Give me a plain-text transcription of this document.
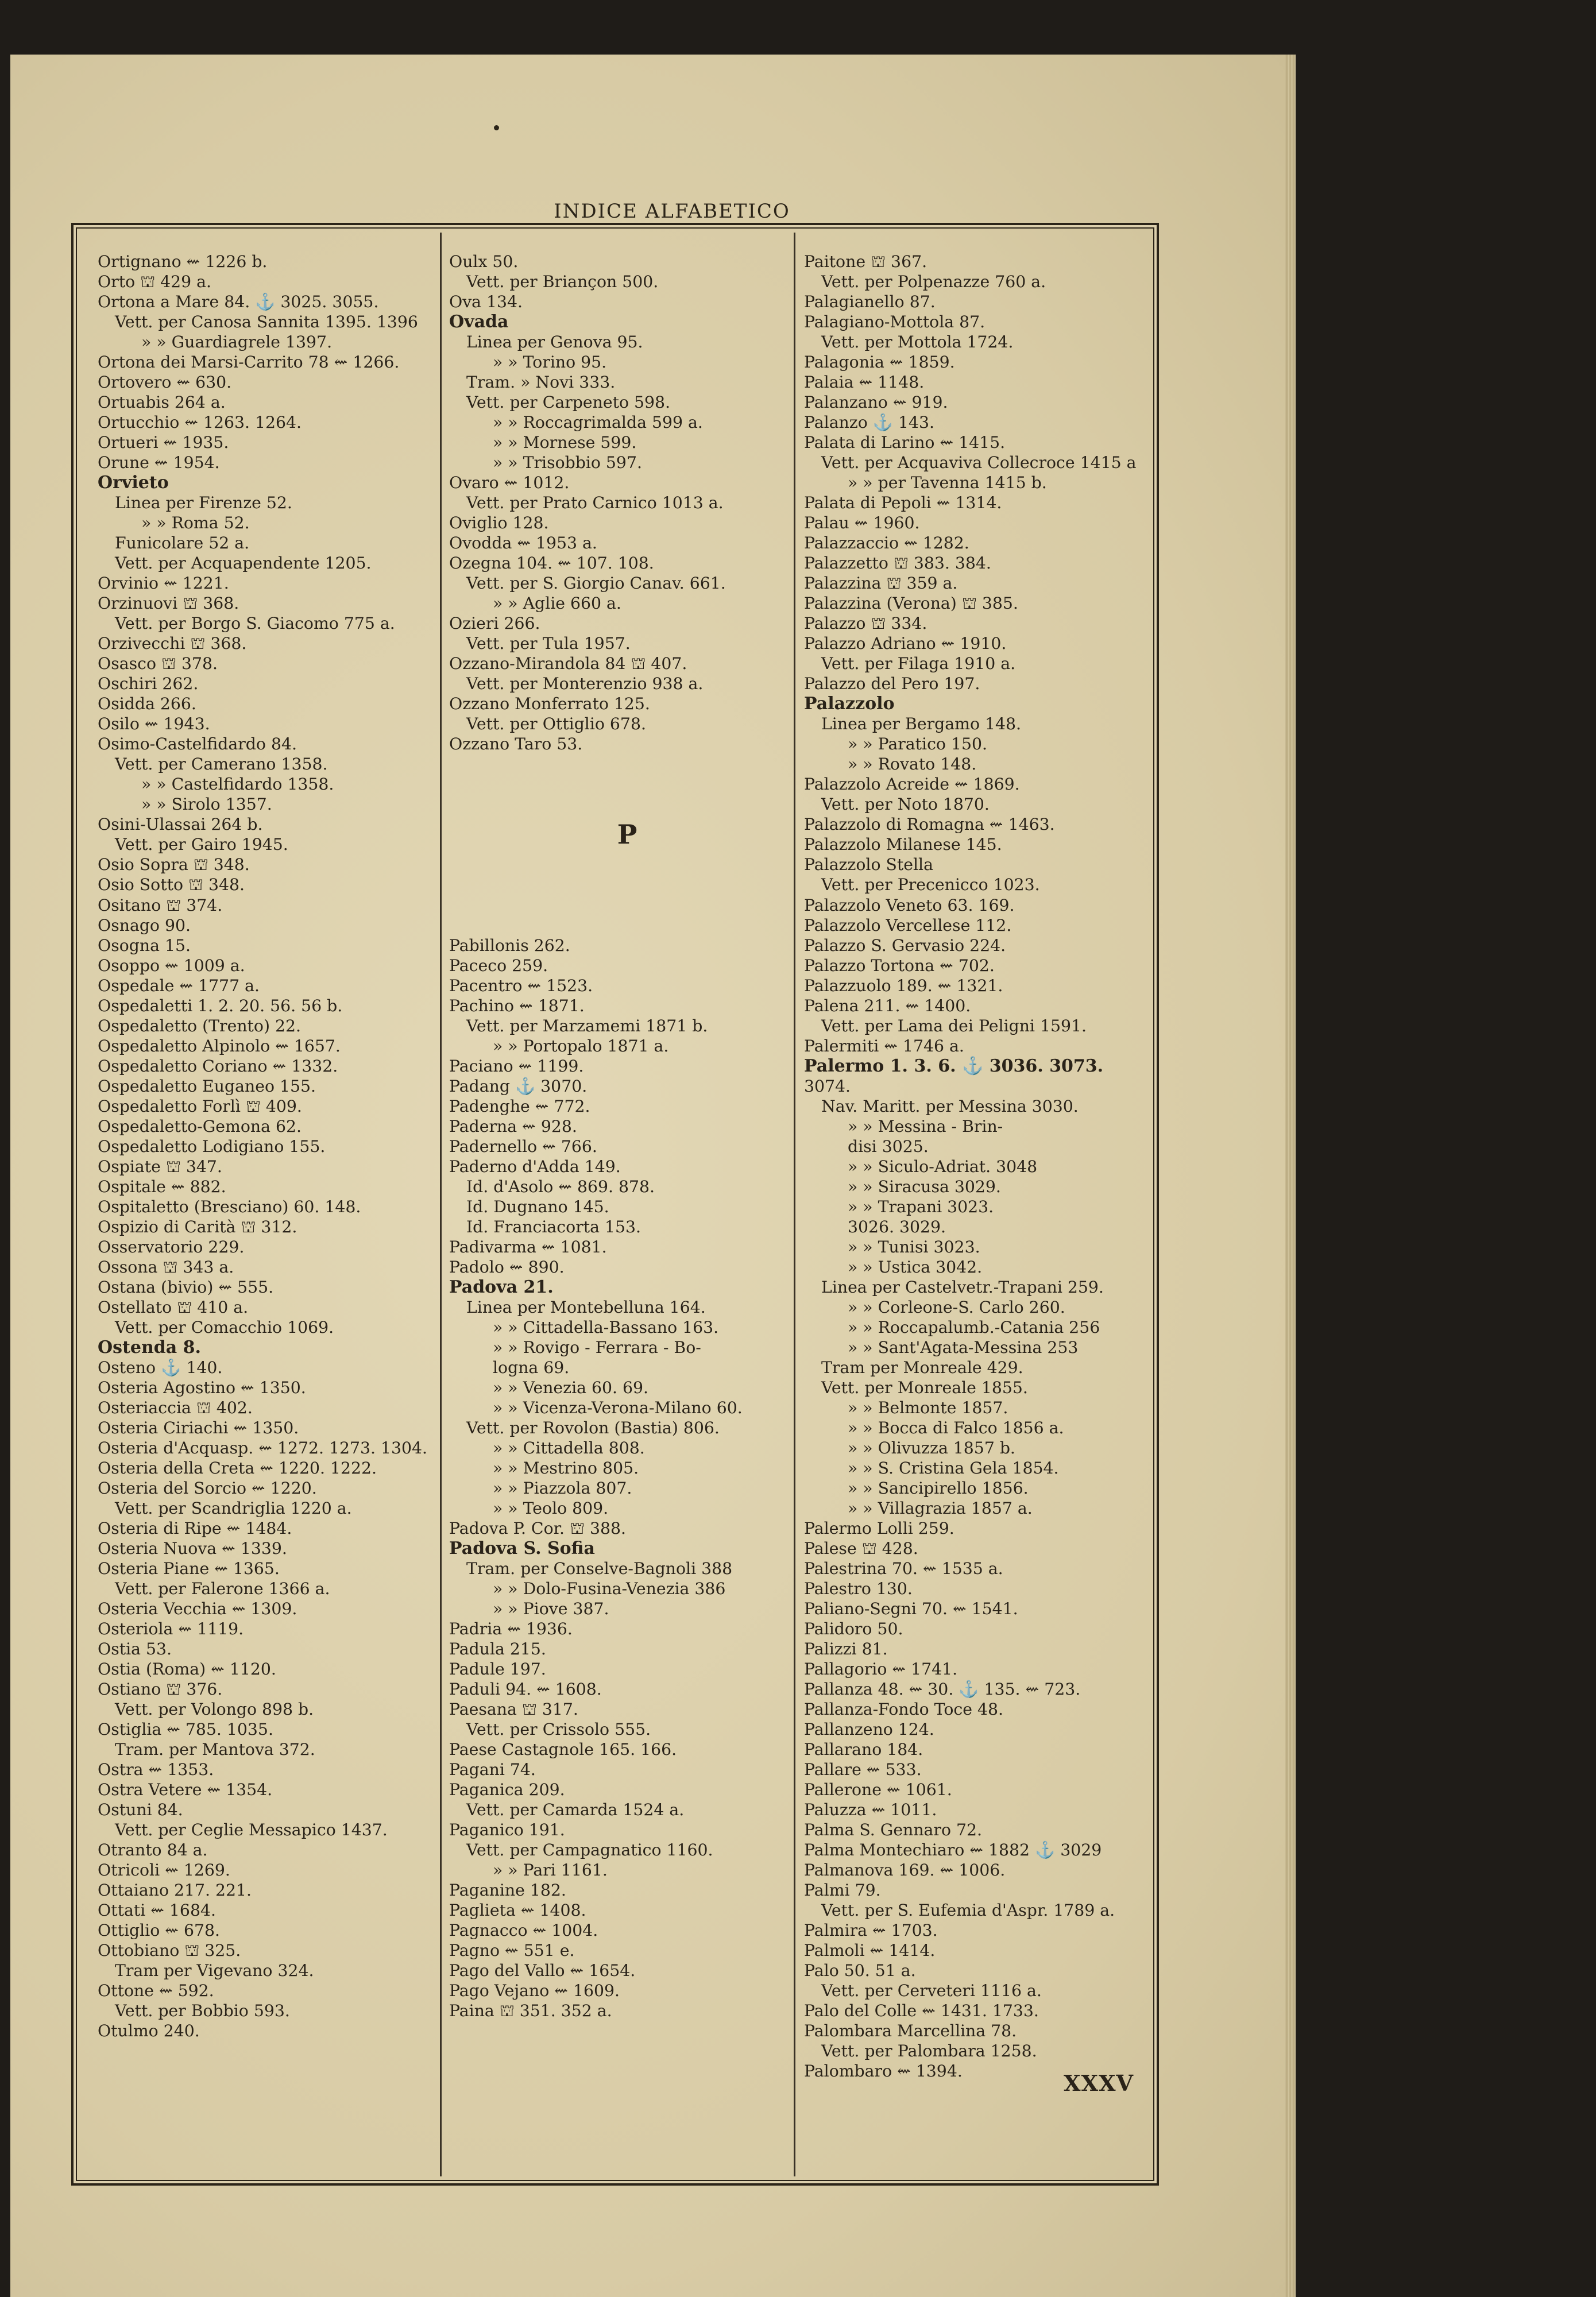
INDICE ALFABETICO
Ortignano ⇜ 1226 b.
Orto ⛫ 429 a.
Ortona a Mare 84. ⚓ 3025. 3055.
Vett. per Canosa Sannita 1395. 1396
» » Guardiagrele 1397.
Ortona dei Marsi-Carrito 78 ⇜ 1266.
Ortovero ⇜ 630.
Ortuabis 264 a.
Ortucchio ⇜ 1263. 1264.
Ortueri ⇜ 1935.
Orune ⇜ 1954.
Orvieto
Linea per Firenze 52.
» » Roma 52.
Funicolare 52 a.
Vett. per Acquapendente 1205.
Orvinio ⇜ 1221.
Orzinuovi ⛫ 368.
Vett. per Borgo S. Giacomo 775 a.
Orzivecchi ⛫ 368.
Osasco ⛫ 378.
Oschiri 262.
Osidda 266.
Osilo ⇜ 1943.
Osimo-Castelfidardo 84.
Vett. per Camerano 1358.
» » Castelfidardo 1358.
» » Sirolo 1357.
Osini-Ulassai 264 b.
Vett. per Gairo 1945.
Osio Sopra ⛫ 348.
Osio Sotto ⛫ 348.
Ositano ⛫ 374.
Osnago 90.
Osogna 15.
Osoppo ⇜ 1009 a.
Ospedale ⇜ 1777 a.
Ospedaletti 1. 2. 20. 56. 56 b.
Ospedaletto (Trento) 22.
Ospedaletto Alpinolo ⇜ 1657.
Ospedaletto Coriano ⇜ 1332.
Ospedaletto Euganeo 155.
Ospedaletto Forlì ⛫ 409.
Ospedaletto-Gemona 62.
Ospedaletto Lodigiano 155.
Ospiate ⛫ 347.
Ospitale ⇜ 882.
Ospitaletto (Bresciano) 60. 148.
Ospizio di Carità ⛫ 312.
Osservatorio 229.
Ossona ⛫ 343 a.
Ostana (bivio) ⇜ 555.
Ostellato ⛫ 410 a.
Vett. per Comacchio 1069.
Ostenda 8.
Osteno ⚓ 140.
Osteria Agostino ⇜ 1350.
Osteriaccia ⛫ 402.
Osteria Ciriachi ⇜ 1350.
Osteria d'Acquasp. ⇜ 1272. 1273. 1304.
Osteria della Creta ⇜ 1220. 1222.
Osteria del Sorcio ⇜ 1220.
Vett. per Scandriglia 1220 a.
Osteria di Ripe ⇜ 1484.
Osteria Nuova ⇜ 1339.
Osteria Piane ⇜ 1365.
Vett. per Falerone 1366 a.
Osteria Vecchia ⇜ 1309.
Osteriola ⇜ 1119.
Ostia 53.
Ostia (Roma) ⇜ 1120.
Ostiano ⛫ 376.
Vett. per Volongo 898 b.
Ostiglia ⇜ 785. 1035.
Tram. per Mantova 372.
Ostra ⇜ 1353.
Ostra Vetere ⇜ 1354.
Ostuni 84.
Vett. per Ceglie Messapico 1437.
Otranto 84 a.
Otricoli ⇜ 1269.
Ottaiano 217. 221.
Ottati ⇜ 1684.
Ottiglio ⇜ 678.
Ottobiano ⛫ 325.
Tram per Vigevano 324.
Ottone ⇜ 592.
Vett. per Bobbio 593.
Otulmo 240.
Oulx 50.
Vett. per Briançon 500.
Ova 134.
Ovada
Linea per Genova 95.
» » Torino 95.
Tram. » Novi 333.
Vett. per Carpeneto 598.
» » Roccagrimalda 599 a.
» » Mornese 599.
» » Trisobbio 597.
Ovaro ⇜ 1012.
Vett. per Prato Carnico 1013 a.
Oviglio 128.
Ovodda ⇜ 1953 a.
Ozegna 104. ⇜ 107. 108.
Vett. per S. Giorgio Canav. 661.
» » Aglie 660 a.
Ozieri 266.
Vett. per Tula 1957.
Ozzano-Mirandola 84 ⛫ 407.
Vett. per Monterenzio 938 a.
Ozzano Monferrato 125.
Vett. per Ottiglio 678.
Ozzano Taro 53.
P
Pabillonis 262.
Paceco 259.
Pacentro ⇜ 1523.
Pachino ⇜ 1871.
Vett. per Marzamemi 1871 b.
» » Portopalo 1871 a.
Paciano ⇜ 1199.
Padang ⚓ 3070.
Padenghe ⇜ 772.
Paderna ⇜ 928.
Padernello ⇜ 766.
Paderno d'Adda 149.
Id. d'Asolo ⇜ 869. 878.
Id. Dugnano 145.
Id. Franciacorta 153.
Padivarma ⇜ 1081.
Padolo ⇜ 890.
Padova 21.
Linea per Montebelluna 164.
» » Cittadella-Bassano 163.
» » Rovigo - Ferrara - Bo-
logna 69.
» » Venezia 60. 69.
» » Vicenza-Verona-Milano 60.
Vett. per Rovolon (Bastia) 806.
» » Cittadella 808.
» » Mestrino 805.
» » Piazzola 807.
» » Teolo 809.
Padova P. Cor. ⛫ 388.
Padova S. Sofia
Tram. per Conselve-Bagnoli 388
» » Dolo-Fusina-Venezia 386
» » Piove 387.
Padria ⇜ 1936.
Padula 215.
Padule 197.
Paduli 94. ⇜ 1608.
Paesana ⛫ 317.
Vett. per Crissolo 555.
Paese Castagnole 165. 166.
Pagani 74.
Paganica 209.
Vett. per Camarda 1524 a.
Paganico 191.
Vett. per Campagnatico 1160.
» » Pari 1161.
Paganine 182.
Paglieta ⇜ 1408.
Pagnacco ⇜ 1004.
Pagno ⇜ 551 e.
Pago del Vallo ⇜ 1654.
Pago Vejano ⇜ 1609.
Paina ⛫ 351. 352 a.
Paitone ⛫ 367.
Vett. per Polpenazze 760 a.
Palagianello 87.
Palagiano-Mottola 87.
Vett. per Mottola 1724.
Palagonia ⇜ 1859.
Palaia ⇜ 1148.
Palanzano ⇜ 919.
Palanzo ⚓ 143.
Palata di Larino ⇜ 1415.
Vett. per Acquaviva Collecroce 1415 a
» » per Tavenna 1415 b.
Palata di Pepoli ⇜ 1314.
Palau ⇜ 1960.
Palazzaccio ⇜ 1282.
Palazzetto ⛫ 383. 384.
Palazzina ⛫ 359 a.
Palazzina (Verona) ⛫ 385.
Palazzo ⛫ 334.
Palazzo Adriano ⇜ 1910.
Vett. per Filaga 1910 a.
Palazzo del Pero 197.
Palazzolo
Linea per Bergamo 148.
» » Paratico 150.
» » Rovato 148.
Palazzolo Acreide ⇜ 1869.
Vett. per Noto 1870.
Palazzolo di Romagna ⇜ 1463.
Palazzolo Milanese 145.
Palazzolo Stella
Vett. per Precenicco 1023.
Palazzolo Veneto 63. 169.
Palazzolo Vercellese 112.
Palazzo S. Gervasio 224.
Palazzo Tortona ⇜ 702.
Palazzuolo 189. ⇜ 1321.
Palena 211. ⇜ 1400.
Vett. per Lama dei Peligni 1591.
Palermiti ⇜ 1746 a.
Palermo 1. 3. 6. ⚓ 3036. 3073.
3074.
Nav. Maritt. per Messina 3030.
» » Messina - Brin-
disi 3025.
» » Siculo-Adriat. 3048
» » Siracusa 3029.
» » Trapani 3023.
3026. 3029.
» » Tunisi 3023.
» » Ustica 3042.
Linea per Castelvetr.-Trapani 259.
» » Corleone-S. Carlo 260.
» » Roccapalumb.-Catania 256
» » Sant'Agata-Messina 253
Tram per Monreale 429.
Vett. per Monreale 1855.
» » Belmonte 1857.
» » Bocca di Falco 1856 a.
» » Olivuzza 1857 b.
» » S. Cristina Gela 1854.
» » Sancipirello 1856.
» » Villagrazia 1857 a.
Palermo Lolli 259.
Palese ⛫ 428.
Palestrina 70. ⇜ 1535 a.
Palestro 130.
Paliano-Segni 70. ⇜ 1541.
Palidoro 50.
Palizzi 81.
Pallagorio ⇜ 1741.
Pallanza 48. ⇜ 30. ⚓ 135. ⇜ 723.
Pallanza-Fondo Toce 48.
Pallanzeno 124.
Pallarano 184.
Pallare ⇜ 533.
Pallerone ⇜ 1061.
Paluzza ⇜ 1011.
Palma S. Gennaro 72.
Palma Montechiaro ⇜ 1882 ⚓ 3029
Palmanova 169. ⇜ 1006.
Palmi 79.
Vett. per S. Eufemia d'Aspr. 1789 a.
Palmira ⇜ 1703.
Palmoli ⇜ 1414.
Palo 50. 51 a.
Vett. per Cerveteri 1116 a.
Palo del Colle ⇜ 1431. 1733.
Palombara Marcellina 78.
Vett. per Palombara 1258.
Palombaro ⇜ 1394.	XXXV
